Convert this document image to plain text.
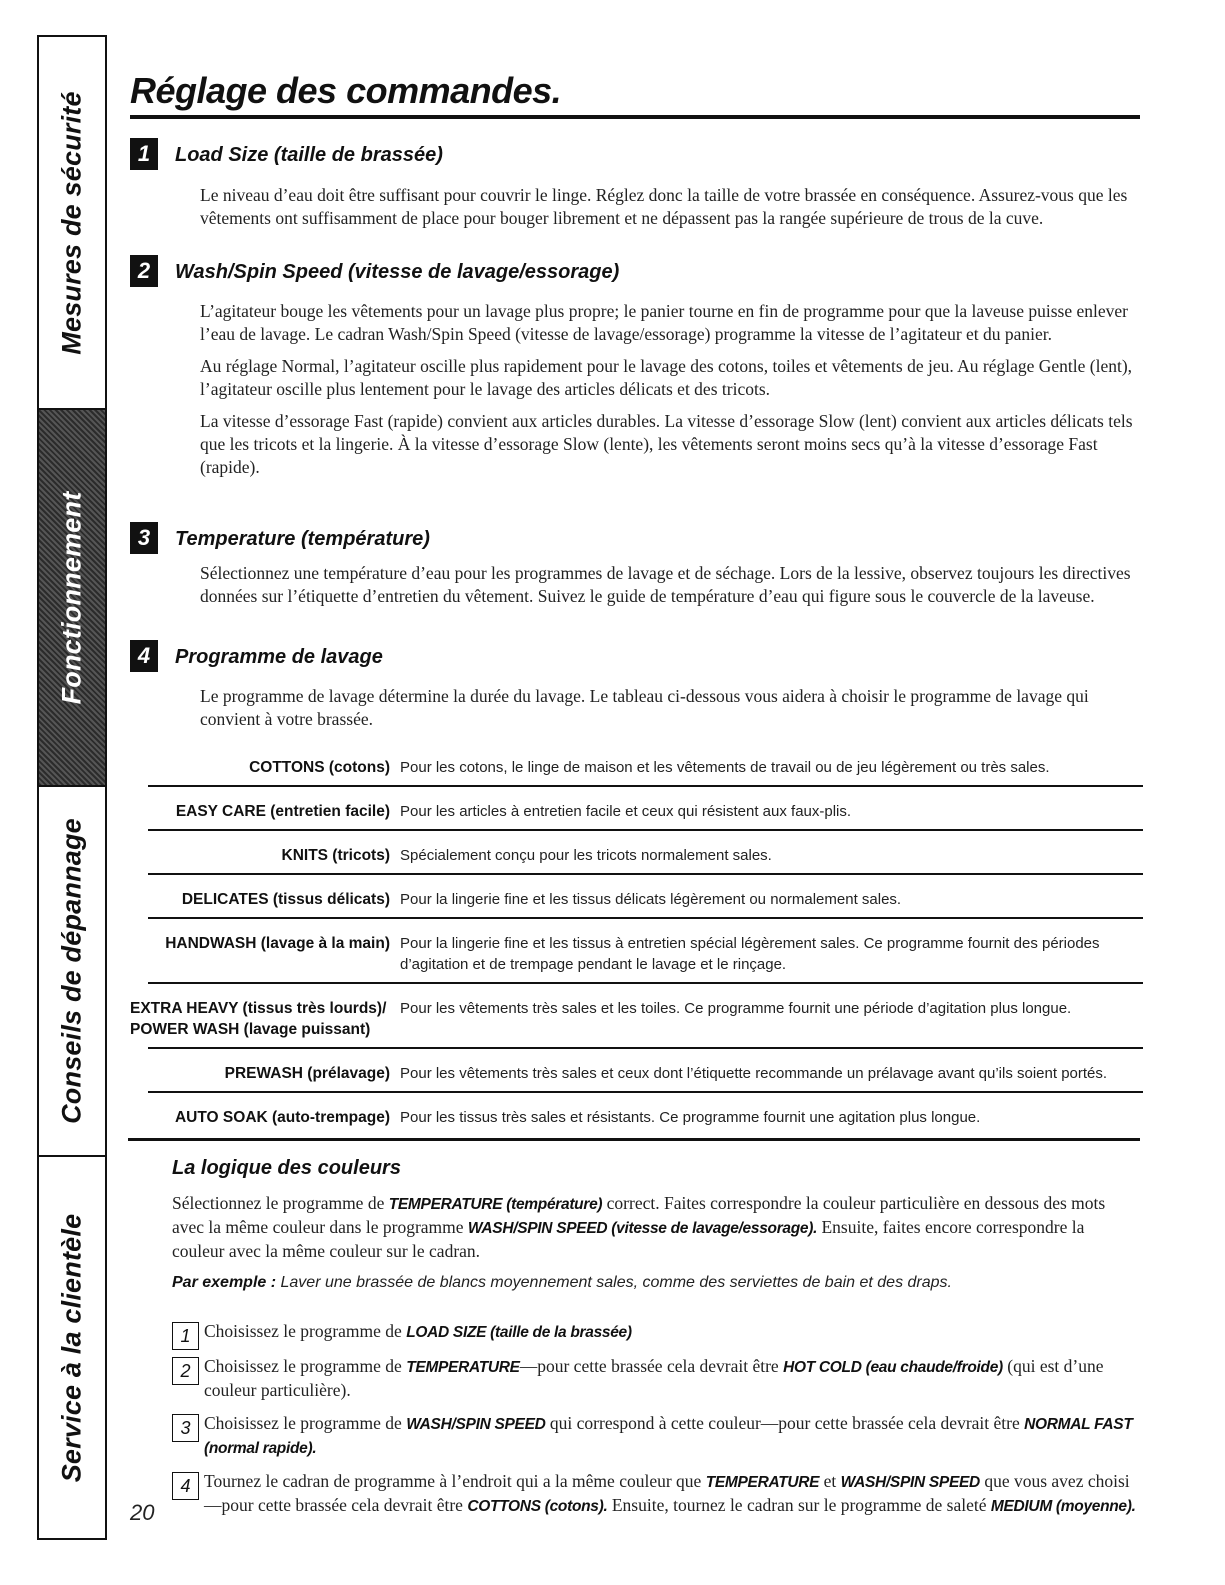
Mesures de sécurité
Fonctionnement
Conseils de dépannage
Service à la clientèle
Réglage des commandes.
1	Load Size (taille de brassée)

Le niveau d’eau doit être suffisant pour couvrir le linge. Réglez donc la taille de votre brassée en conséquence. Assurez-vous que les vêtements ont suffisamment de place pour bouger librement et ne dépassent pas la rangée supérieure de trous de la cuve.

2	Wash/Spin Speed (vitesse de lavage/essorage)

L’agitateur bouge les vêtements pour un lavage plus propre; le panier tourne en fin de programme pour que la laveuse puisse enlever l’eau de lavage. Le cadran Wash/Spin Speed (vitesse de lavage/essorage) programme la vitesse de l’agitateur et du panier.

Au réglage Normal, l’agitateur oscille plus rapidement pour le lavage des cotons, toiles et vêtements de jeu. Au réglage Gentle (lent), l’agitateur oscille plus lentement pour le lavage des articles délicats et des tricots.

La vitesse d’essorage Fast (rapide) convient aux articles durables. La vitesse d’essorage Slow (lent) convient aux articles délicats tels que les tricots et la lingerie. À la vitesse d’essorage Slow (lente), les vêtements seront moins secs qu’à la vitesse d’essorage Fast (rapide).

3	Temperature (température)

Sélectionnez une température d’eau pour les programmes de lavage et de séchage. Lors de la lessive, observez toujours les directives données sur l’étiquette d’entretien du vêtement. Suivez le guide de température d’eau qui figure sous le couvercle de la laveuse.

4	Programme de lavage

Le programme de lavage détermine la durée du lavage. Le tableau ci-dessous vous aidera à choisir le programme de lavage qui convient à votre brassée.

COTTONS (cotons) Pour les cotons, le linge de maison et les vêtements de travail ou de jeu légèrement ou très sales.
EASY CARE (entretien facile) Pour les articles à entretien facile et ceux qui résistent aux faux-plis.
KNITS (tricots) Spécialement conçu pour les tricots normalement sales.
DELICATES (tissus délicats) Pour la lingerie fine et les tissus délicats légèrement ou normalement sales.
HANDWASH (lavage à la main) Pour la lingerie fine et les tissus à entretien spécial légèrement sales. Ce programme fournit des périodes d’agitation et de trempage pendant le lavage et le rinçage.
EXTRA HEAVY (tissus très lourds)/
POWER WASH (lavage puissant)
Pour les vêtements très sales et les toiles. Ce programme fournit une période d’agitation plus longue.
PREWASH (prélavage) Pour les vêtements très sales et ceux dont l’étiquette recommande un prélavage avant qu’ils soient portés.
AUTO SOAK (auto-trempage) Pour les tissus très sales et résistants. Ce programme fournit une agitation plus longue.
La logique des couleurs
Sélectionnez le programme de TEMPERATURE (température) correct. Faites correspondre la couleur particulière en dessous des mots avec la même couleur dans le programme WASH/SPIN SPEED (vitesse de lavage/essorage). Ensuite, faites encore correspondre la couleur avec la même couleur sur le cadran.
Par exemple : Laver une brassée de blancs moyennement sales, comme des serviettes de bain et des draps.
1 Choisissez le programme de LOAD SIZE (taille de la brassée)
2 Choisissez le programme de TEMPERATURE—pour cette brassée cela devrait être HOT COLD (eau chaude/froide) (qui est d’une couleur particulière).
3 Choisissez le programme de WASH/SPIN SPEED qui correspond à cette couleur—pour cette brassée cela devrait être NORMAL FAST (normal rapide).
4 Tournez le cadran de programme à l’endroit qui a la même couleur que TEMPERATURE et WASH/SPIN SPEED que vous avez choisi—pour cette brassée cela devrait être COTTONS (cotons). Ensuite, tournez le cadran sur le programme de saleté MEDIUM (moyenne).
20
